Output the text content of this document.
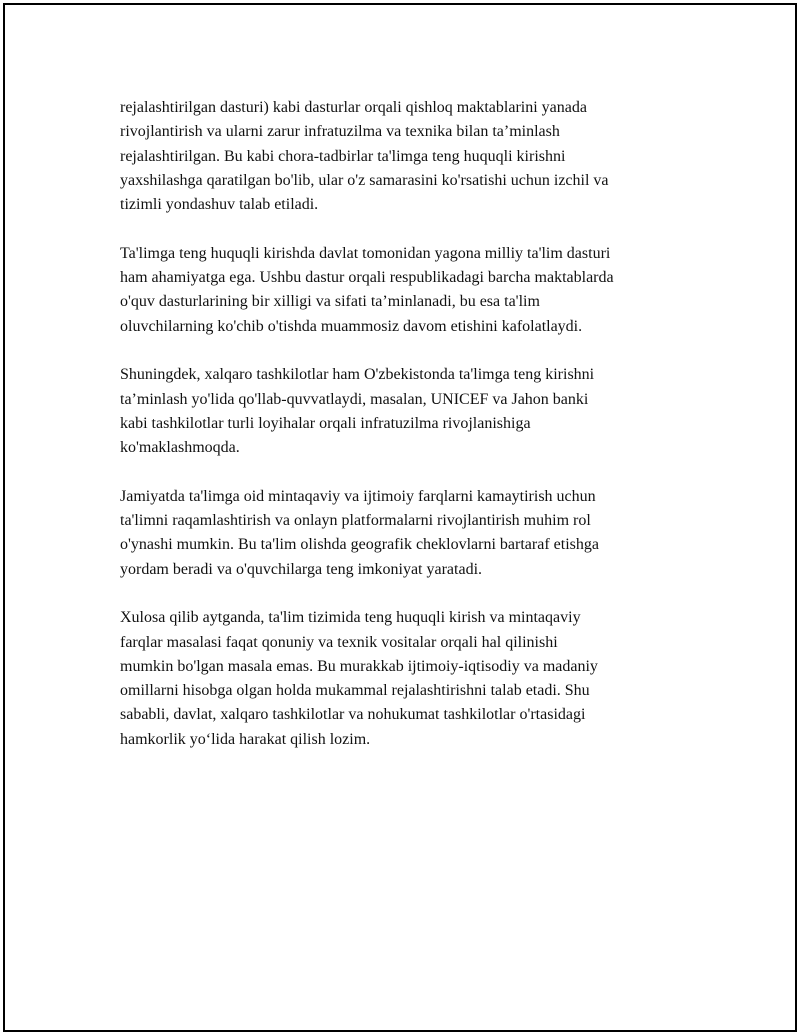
rejalashtirilgan dasturi) kabi dasturlar orqali qishloq maktablarini yanada
rivojlantirish va ularni zarur infratuzilma va texnika bilan ta’minlash
rejalashtirilgan. Bu kabi chora-tadbirlar ta'limga teng huquqli kirishni
yaxshilashga qaratilgan bo'lib, ular o'z samarasini ko'rsatishi uchun izchil va
tizimli yondashuv talab etiladi.

Ta'limga teng huquqli kirishda davlat tomonidan yagona milliy ta'lim dasturi
ham ahamiyatga ega. Ushbu dastur orqali respublikadagi barcha maktablarda
o'quv dasturlarining bir xilligi va sifati ta’minlanadi, bu esa ta'lim
oluvchilarning ko'chib o'tishda muammosiz davom etishini kafolatlaydi.

Shuningdek, xalqaro tashkilotlar ham O'zbekistonda ta'limga teng kirishni
ta’minlash yo'lida qo'llab-quvvatlaydi, masalan, UNICEF va Jahon banki
kabi tashkilotlar turli loyihalar orqali infratuzilma rivojlanishiga
ko'maklashmoqda.

Jamiyatda ta'limga oid mintaqaviy va ijtimoiy farqlarni kamaytirish uchun
ta'limni raqamlashtirish va onlayn platformalarni rivojlantirish muhim rol
o'ynashi mumkin. Bu ta'lim olishda geografik cheklovlarni bartaraf etishga
yordam beradi va o'quvchilarga teng imkoniyat yaratadi.

Xulosa qilib aytganda, ta'lim tizimida teng huquqli kirish va mintaqaviy
farqlar masalasi faqat qonuniy va texnik vositalar orqali hal qilinishi
mumkin bo'lgan masala emas. Bu murakkab ijtimoiy-iqtisodiy va madaniy
omillarni hisobga olgan holda mukammal rejalashtirishni talab etadi. Shu
sababli, davlat, xalqaro tashkilotlar va nohukumat tashkilotlar o'rtasidagi
hamkorlik yo‘lida harakat qilish lozim.
